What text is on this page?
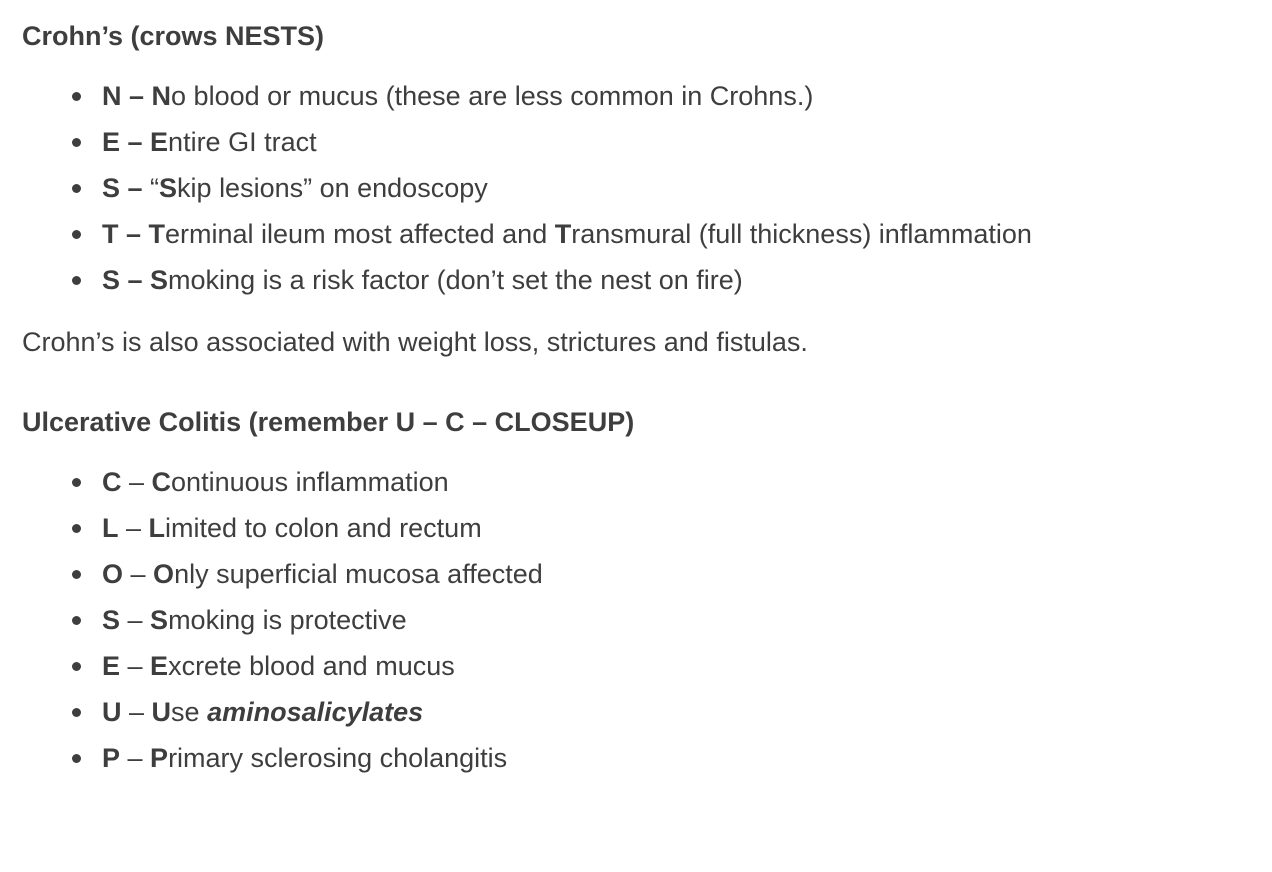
Crohn’s (crows NESTS)

N – No blood or mucus (these are less common in Crohns.)
E – Entire GI tract
S – “Skip lesions” on endoscopy
T – Terminal ileum most affected and Transmural (full thickness) inflammation
S – Smoking is a risk factor (don’t set the nest on fire)

Crohn’s is also associated with weight loss, strictures and fistulas.

Ulcerative Colitis (remember U – C – CLOSEUP)

C – Continuous inflammation
L – Limited to colon and rectum
O – Only superficial mucosa affected
S – Smoking is protective
E – Excrete blood and mucus
U – Use aminosalicylates
P – Primary sclerosing cholangitis
